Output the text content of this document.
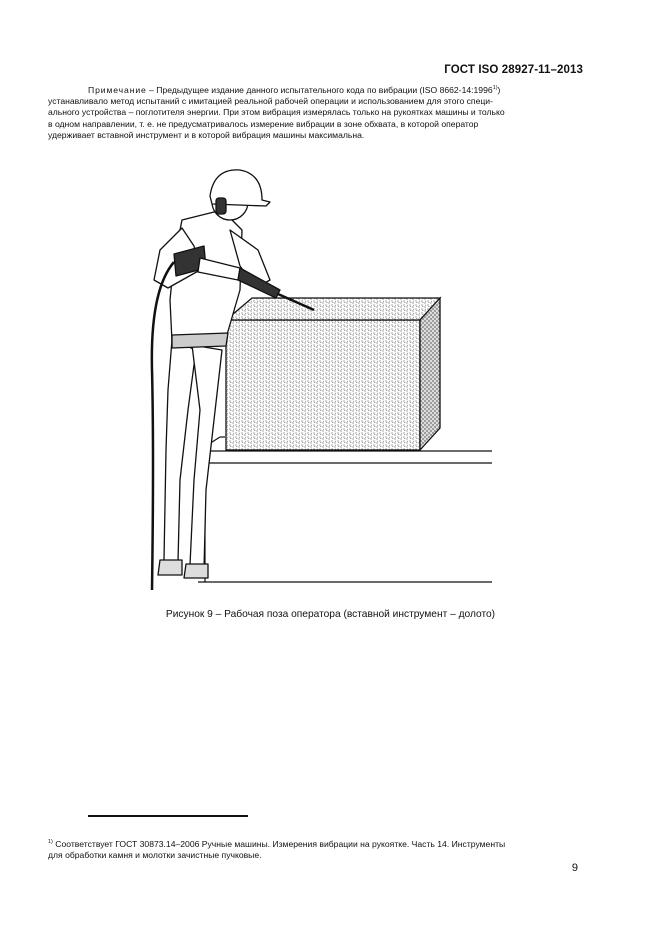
ГОСТ ISO 28927-11–2013
Примечание – Предыдущее издание данного испытательного кода по вибрации (ISO 8662-14:1996$^{1)}$)
устанавливало метод испытаний с имитацией реальной рабочей операции и использованием для этого специ-
ального устройства – поглотителя энергии. При этом вибрация измерялась только на рукоятках машины и только
в одном направлении, т. е. не предусматривалось измерение вибрации в зоне обхвата, в которой оператор
удерживает вставной инструмент и в которой вибрация машины максимальна.
Рисунок 9 – Рабочая поза оператора (вставной инструмент – долото)
$^{1)}$ Соответствует ГОСТ 30873.14–2006 Ручные машины. Измерения вибрации на рукоятке. Часть 14. Инструменты
для обработки камня и молотки зачистные пучковые.
9
